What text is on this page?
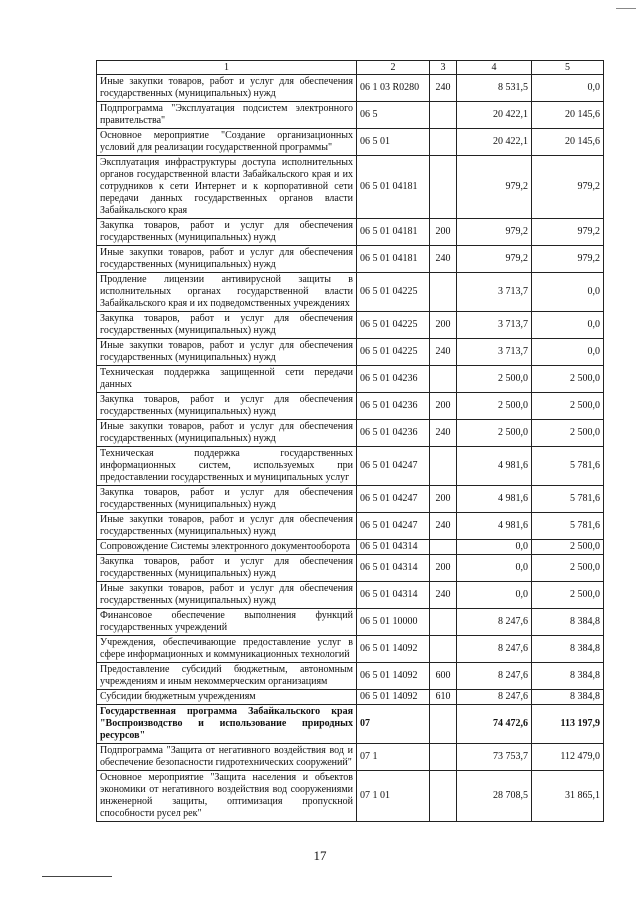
1	2	3	4	5
Иные закупки товаров, работ и услуг для обеспечения государственных (муниципальных) нужд	06 1 03 R0280	240	8 531,5	0,0
Подпрограмма "Эксплуатация подсистем электронного правительства"	06 5		20 422,1	20 145,6
Основное мероприятие "Создание организационных условий для реализации государственной программы"	06 5 01		20 422,1	20 145,6
Эксплуатация инфраструктуры доступа исполнительных органов государственной власти Забайкальского края и их сотрудников к сети Интернет и к корпоративной сети передачи данных государственных органов власти Забайкальского края	06 5 01 04181		979,2	979,2
Закупка товаров, работ и услуг для обеспечения государственных (муниципальных) нужд	06 5 01 04181	200	979,2	979,2
Иные закупки товаров, работ и услуг для обеспечения государственных (муниципальных) нужд	06 5 01 04181	240	979,2	979,2
Продление лицензии антивирусной защиты в исполнительных органах государственной власти Забайкальского края и их подведомственных учреждениях	06 5 01 04225		3 713,7	0,0
Закупка товаров, работ и услуг для обеспечения государственных (муниципальных) нужд	06 5 01 04225	200	3 713,7	0,0
Иные закупки товаров, работ и услуг для обеспечения государственных (муниципальных) нужд	06 5 01 04225	240	3 713,7	0,0
Техническая поддержка защищенной сети передачи данных	06 5 01 04236		2 500,0	2 500,0
Закупка товаров, работ и услуг для обеспечения государственных (муниципальных) нужд	06 5 01 04236	200	2 500,0	2 500,0
Иные закупки товаров, работ и услуг для обеспечения государственных (муниципальных) нужд	06 5 01 04236	240	2 500,0	2 500,0
Техническая поддержка государственных информационных систем, используемых при предоставлении государственных и муниципальных услуг	06 5 01 04247		4 981,6	5 781,6
Закупка товаров, работ и услуг для обеспечения государственных (муниципальных) нужд	06 5 01 04247	200	4 981,6	5 781,6
Иные закупки товаров, работ и услуг для обеспечения государственных (муниципальных) нужд	06 5 01 04247	240	4 981,6	5 781,6
Сопровождение Системы электронного документооборота	06 5 01 04314		0,0	2 500,0
Закупка товаров, работ и услуг для обеспечения государственных (муниципальных) нужд	06 5 01 04314	200	0,0	2 500,0
Иные закупки товаров, работ и услуг для обеспечения государственных (муниципальных) нужд	06 5 01 04314	240	0,0	2 500,0
Финансовое обеспечение выполнения функций государственных учреждений	06 5 01 10000		8 247,6	8 384,8
Учреждения, обеспечивающие предоставление услуг в сфере информационных и коммуникационных технологий	06 5 01 14092		8 247,6	8 384,8
Предоставление субсидий бюджетным, автономным учреждениям и иным некоммерческим организациям	06 5 01 14092	600	8 247,6	8 384,8
Субсидии бюджетным учреждениям	06 5 01 14092	610	8 247,6	8 384,8
Государственная программа Забайкальского края "Воспроизводство и использование природных ресурсов"	07		74 472,6	113 197,9
Подпрограмма "Защита от негативного воздействия вод и обеспечение безопасности гидротехнических сооружений"	07 1		73 753,7	112 479,0
Основное мероприятие "Защита населения и объектов экономики от негативного воздействия вод сооружениями инженерной защиты, оптимизация пропускной способности русел рек"	07 1 01		28 708,5	31 865,1
17
